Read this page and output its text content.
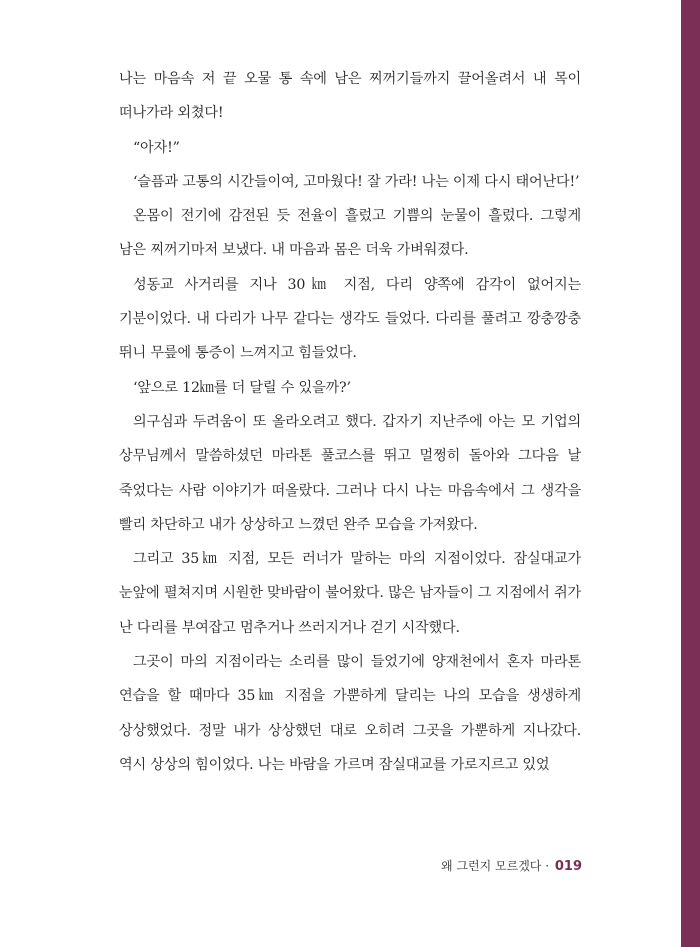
나는 마음속 저 끝 오물 통 속에 남은 찌꺼기들까지 끌어올려서 내 목이 떠나가라 외쳤다!

“아자!”

‘슬픔과 고통의 시간들이여, 고마웠다! 잘 가라! 나는 이제 다시 태어난다!’

온몸이 전기에 감전된 듯 전율이 흘렀고 기쁨의 눈물이 흘렀다. 그렇게 남은 찌꺼기마저 보냈다. 내 마음과 몸은 더욱 가벼워졌다.

성동교 사거리를 지나 30㎞ 지점, 다리 양쪽에 감각이 없어지는 기분이었다. 내 다리가 나무 같다는 생각도 들었다. 다리를 풀려고 깡충깡충 뛰니 무릎에 통증이 느껴지고 힘들었다.

‘앞으로 12㎞를 더 달릴 수 있을까?’

의구심과 두려움이 또 올라오려고 했다. 갑자기 지난주에 아는 모 기업의 상무님께서 말씀하셨던 마라톤 풀코스를 뛰고 멀쩡히 돌아와 그다음 날 죽었다는 사람 이야기가 떠올랐다. 그러나 다시 나는 마음속에서 그 생각을 빨리 차단하고 내가 상상하고 느꼈던 완주 모습을 가져왔다.

그리고 35㎞ 지점, 모든 러너가 말하는 마의 지점이었다. 잠실대교가 눈앞에 펼쳐지며 시원한 맞바람이 불어왔다. 많은 남자들이 그 지점에서 쥐가 난 다리를 부여잡고 멈추거나 쓰러지거나 걷기 시작했다.

그곳이 마의 지점이라는 소리를 많이 들었기에 양재천에서 혼자 마라톤 연습을 할 때마다 35㎞ 지점을 가뿐하게 달리는 나의 모습을 생생하게 상상했었다. 정말 내가 상상했던 대로 오히려 그곳을 가뿐하게 지나갔다. 역시 상상의 힘이었다. 나는 바람을 가르며 잠실대교를 가로지르고 있었

왜 그런지 모르겠다 · 019
